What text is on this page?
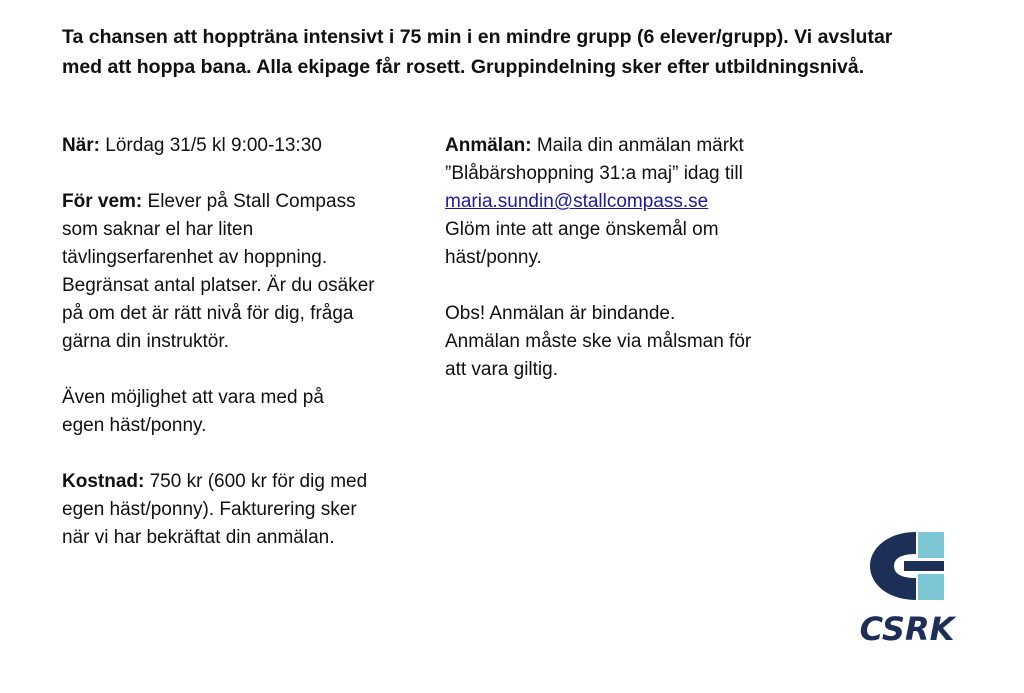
Ta chansen att hoppträna intensivt i 75 min i en mindre grupp (6 elever/grupp). Vi avslutar
med att hoppa bana. Alla ekipage får rosett. Gruppindelning sker efter utbildningsnivå.

När: Lördag 31/5 kl 9:00-13:30

För vem: Elever på Stall Compass
som saknar el har liten
tävlingserfarenhet av hoppning.
Begränsat antal platser. Är du osäker
på om det är rätt nivå för dig, fråga
gärna din instruktör.

Även möjlighet att vara med på
egen häst/ponny.

Kostnad: 750 kr (600 kr för dig med
egen häst/ponny). Fakturering sker
när vi har bekräftat din anmälan.

Anmälan: Maila din anmälan märkt
”Blåbärshoppning 31:a maj” idag till
maria.sundin@stallcompass.se
Glöm inte att ange önskemål om
häst/ponny.

Obs! Anmälan är bindande.
Anmälan måste ske via målsman för
att vara giltig.

CSRK
